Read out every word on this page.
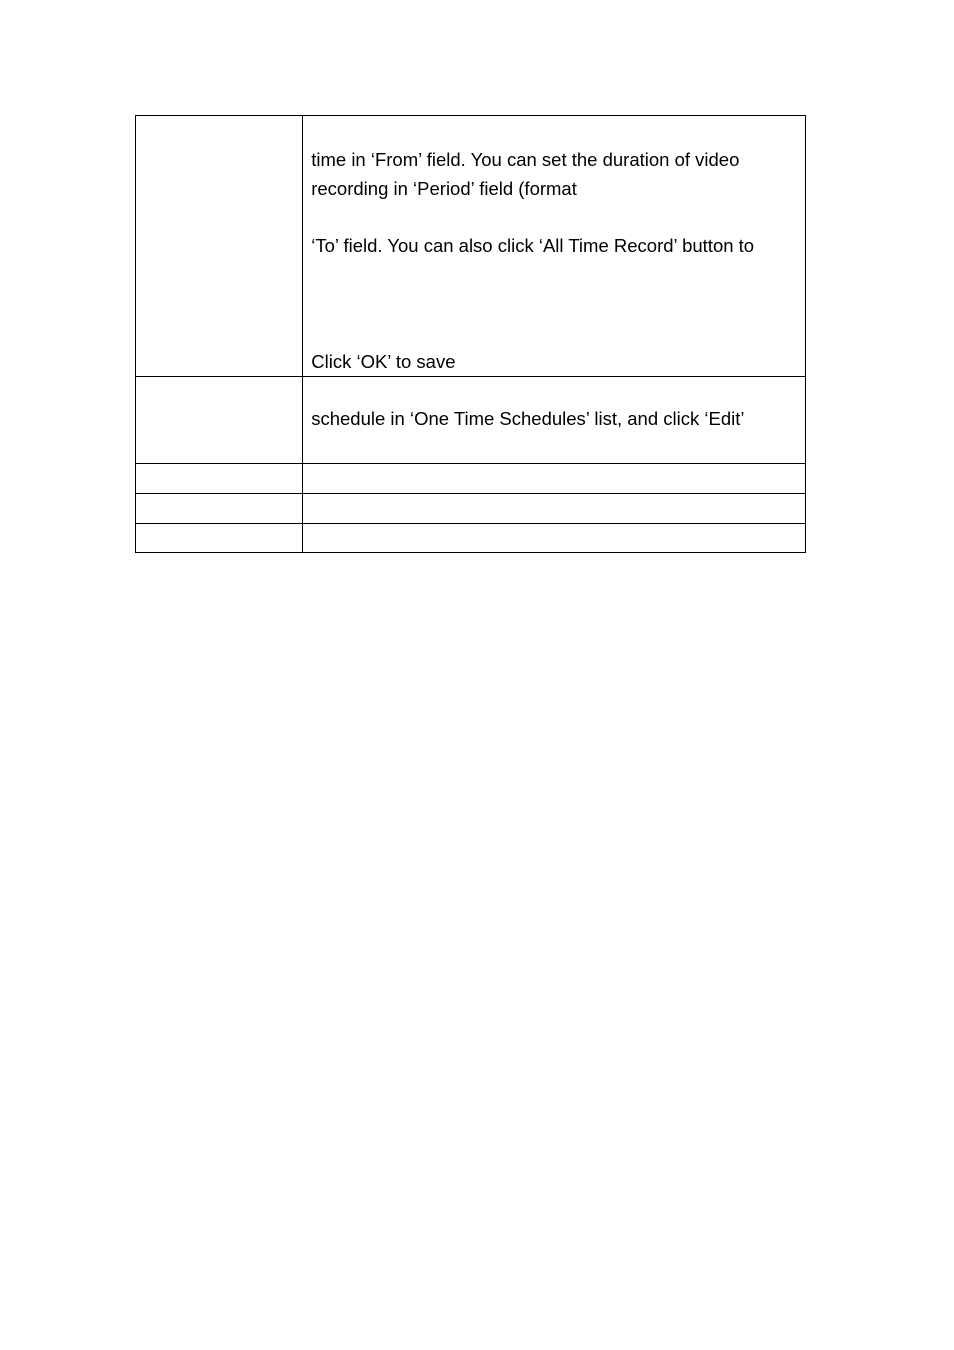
	time in ‘From’ field. You can set the duration of video
recording in ‘Period’ field (format
‘To’ field. You can also click ‘All Time Record’ button to
Click ‘OK’ to save

	schedule in ‘One Time Schedules’ list, and click ‘Edit’
